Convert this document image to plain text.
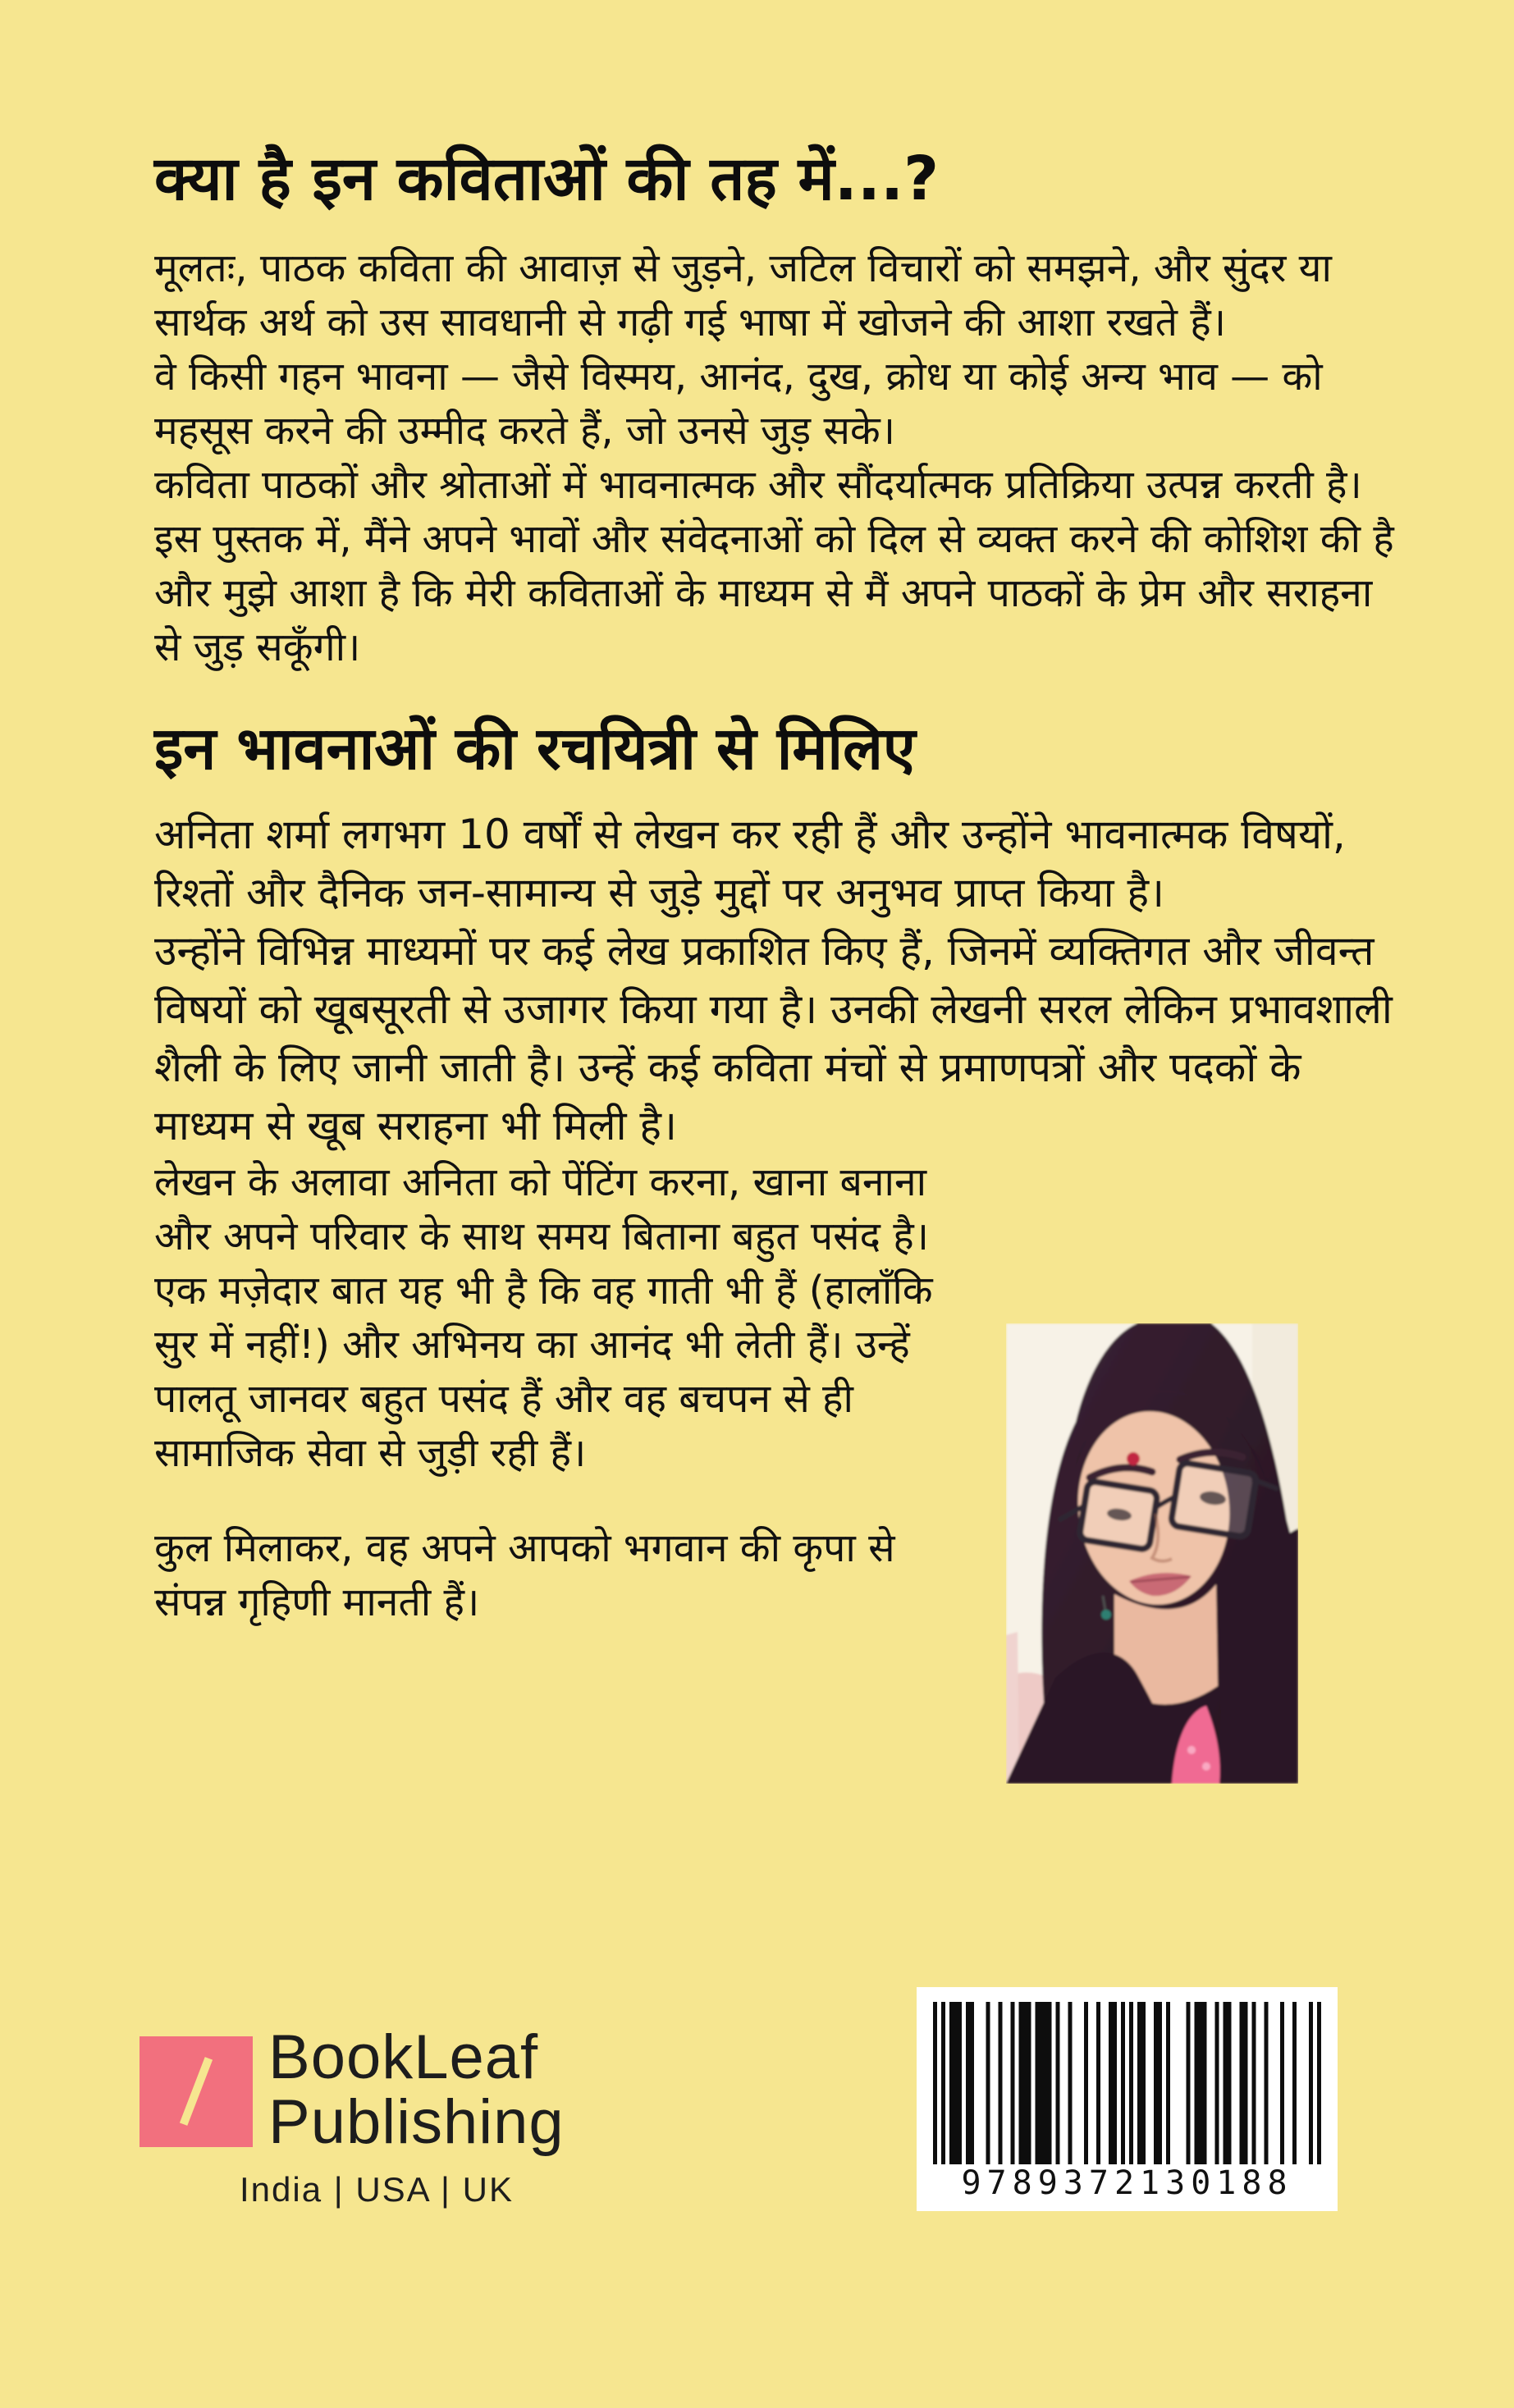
क्या है इन कविताओं की तह में...?

मूलतः, पाठक कविता की आवाज़ से जुड़ने, जटिल विचारों को समझने, और सुंदर या सार्थक अर्थ को उस सावधानी से गढ़ी गई भाषा में खोजने की आशा रखते हैं।

वे किसी गहन भावना — जैसे विस्मय, आनंद, दुख, क्रोध या कोई अन्य भाव — को महसूस करने की उम्मीद करते हैं, जो उनसे जुड़ सके।

कविता पाठकों और श्रोताओं में भावनात्मक और सौंदर्यात्मक प्रतिक्रिया उत्पन्न करती है।

इस पुस्तक में, मैंने अपने भावों और संवेदनाओं को दिल से व्यक्त करने की कोशिश की है और मुझे आशा है कि मेरी कविताओं के माध्यम से मैं अपने पाठकों के प्रेम और सराहना से जुड़ सकूँगी।

इन भावनाओं की रचयित्री से मिलिए

अनिता शर्मा लगभग 10 वर्षों से लेखन कर रही हैं और उन्होंने भावनात्मक विषयों, रिश्तों और दैनिक जन-सामान्य से जुड़े मुद्दों पर अनुभव प्राप्त किया है।

उन्होंने विभिन्न माध्यमों पर कई लेख प्रकाशित किए हैं, जिनमें व्यक्तिगत और जीवन्त विषयों को खूबसूरती से उजागर किया गया है। उनकी लेखनी सरल लेकिन प्रभावशाली शैली के लिए जानी जाती है। उन्हें कई कविता मंचों से प्रमाणपत्रों और पदकों के माध्यम से खूब सराहना भी मिली है।

लेखन के अलावा अनिता को पेंटिंग करना, खाना बनाना और अपने परिवार के साथ समय बिताना बहुत पसंद है।

एक मज़ेदार बात यह भी है कि वह गाती भी हैं (हालाँकि सुर में नहीं!) और अभिनय का आनंद भी लेती हैं। उन्हें पालतू जानवर बहुत पसंद हैं और वह बचपन से ही सामाजिक सेवा से जुड़ी रही हैं।

कुल मिलाकर, वह अपने आपको भगवान की कृपा से संपन्न गृहिणी मानती हैं।

BookLeaf
Publishing
India | USA | UK	9789372130188
